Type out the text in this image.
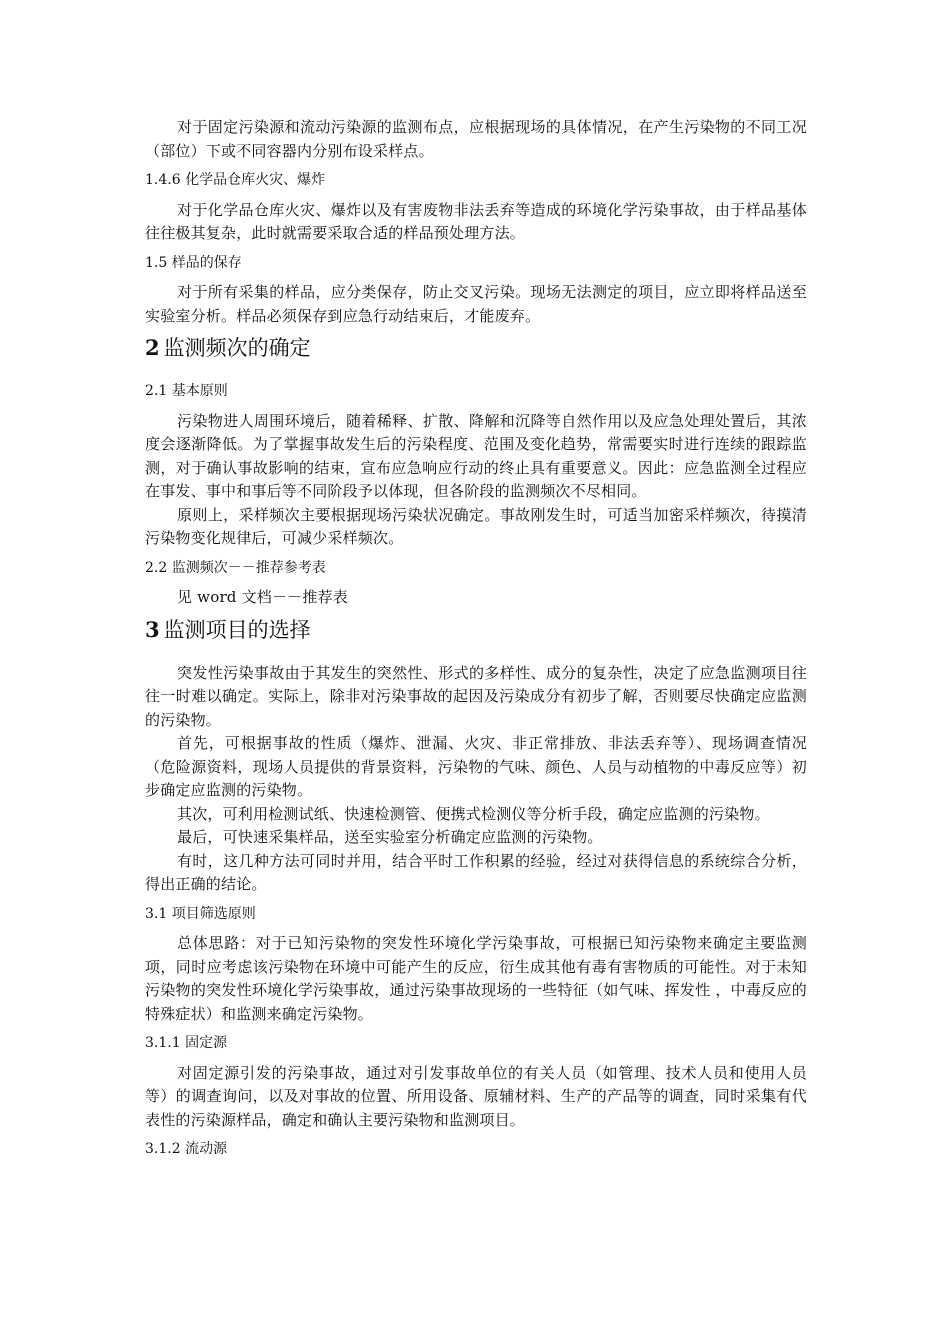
对于固定污染源和流动污染源的监测布点，应根据现场的具体情况，在产生污染物的不同工况（部位）下或不同容器内分别布设采样点。

1.4.6 化学品仓库火灾、爆炸

对于化学品仓库火灾、爆炸以及有害废物非法丢弃等造成的环境化学污染事故，由于样品基体往往极其复杂，此时就需要采取合适的样品预处理方法。

1.5 样品的保存

对于所有采集的样品，应分类保存，防止交叉污染。现场无法测定的项目，应立即将样品送至实验室分析。样品必须保存到应急行动结束后，才能废弃。

2 监测频次的确定
2.1 基本原则

污染物进人周围环境后，随着稀释、扩散、降解和沉降等自然作用以及应急处理处置后，其浓度会逐渐降低。为了掌握事故发生后的污染程度、范围及变化趋势，常需要实时进行连续的跟踪监测，对于确认事故影响的结束，宣布应急响应行动的终止具有重要意义。因此：应急监测全过程应在事发、事中和事后等不同阶段予以体现，但各阶段的监测频次不尽相同。

原则上，采样频次主要根据现场污染状况确定。事故刚发生时，可适当加密采样频次，待摸清污染物变化规律后，可减少采样频次。

2.2 监测频次－－推荐参考表

见 word 文档－－推荐表

3 监测项目的选择

突发性污染事故由于其发生的突然性、形式的多样性、成分的复杂性，决定了应急监测项目往往一时难以确定。实际上，除非对污染事故的起因及污染成分有初步了解，否则要尽快确定应监测的污染物。

首先，可根据事故的性质（爆炸、泄漏、火灾、非正常排放、非法丢弃等）、现场调查情况（危险源资料，现场人员提供的背景资料，污染物的气味、颜色、人员与动植物的中毒反应等）初步确定应监测的污染物。

其次，可利用检测试纸、快速检测管、便携式检测仪等分析手段，确定应监测的污染物。

最后，可快速采集样品，送至实验室分析确定应监测的污染物。

有时，这几种方法可同时并用，结合平时工作积累的经验，经过对获得信息的系统综合分析，得出正确的结论。

3.1 项目筛选原则

总体思路：对于已知污染物的突发性环境化学污染事故，可根据已知污染物来确定主要监测项，同时应考虑该污染物在环境中可能产生的反应，衍生成其他有毒有害物质的可能性。对于未知污染物的突发性环境化学污染事故，通过污染事故现场的一些特征（如气味、挥发性 ，中毒反应的特殊症状）和监测来确定污染物。

3.1.1 固定源

对固定源引发的污染事故，通过对引发事故单位的有关人员（如管理、技术人员和使用人员等）的调查询问，以及对事故的位置、所用设备、原辅材料、生产的产品等的调查，同时采集有代表性的污染源样品，确定和确认主要污染物和监测项目。

3.1.2 流动源
